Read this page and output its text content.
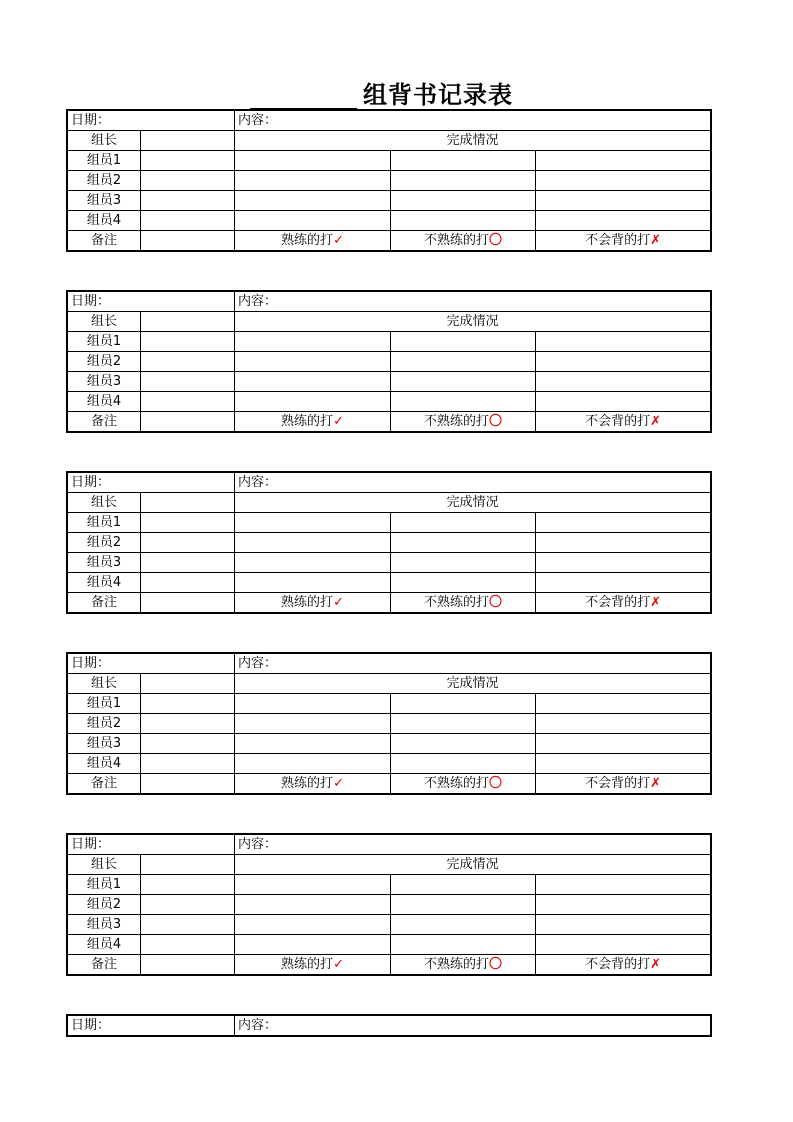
组背书记录表
日期：		内容：		
组长		完成情况		
组员1				
组员2				
组员3				
组员4				
备注		熟练的打✓	不熟练的打〇	不会背的打✗
日期：		内容：		
组长		完成情况		
组员1				
组员2				
组员3				
组员4				
备注		熟练的打✓	不熟练的打〇	不会背的打✗
日期：		内容：		
组长		完成情况		
组员1				
组员2				
组员3				
组员4				
备注		熟练的打✓	不熟练的打〇	不会背的打✗
日期：		内容：		
组长		完成情况		
组员1				
组员2				
组员3				
组员4				
备注		熟练的打✓	不熟练的打〇	不会背的打✗
日期：		内容：		
组长		完成情况		
组员1				
组员2				
组员3				
组员4				
备注		熟练的打✓	不熟练的打〇	不会背的打✗
日期：	内容：
